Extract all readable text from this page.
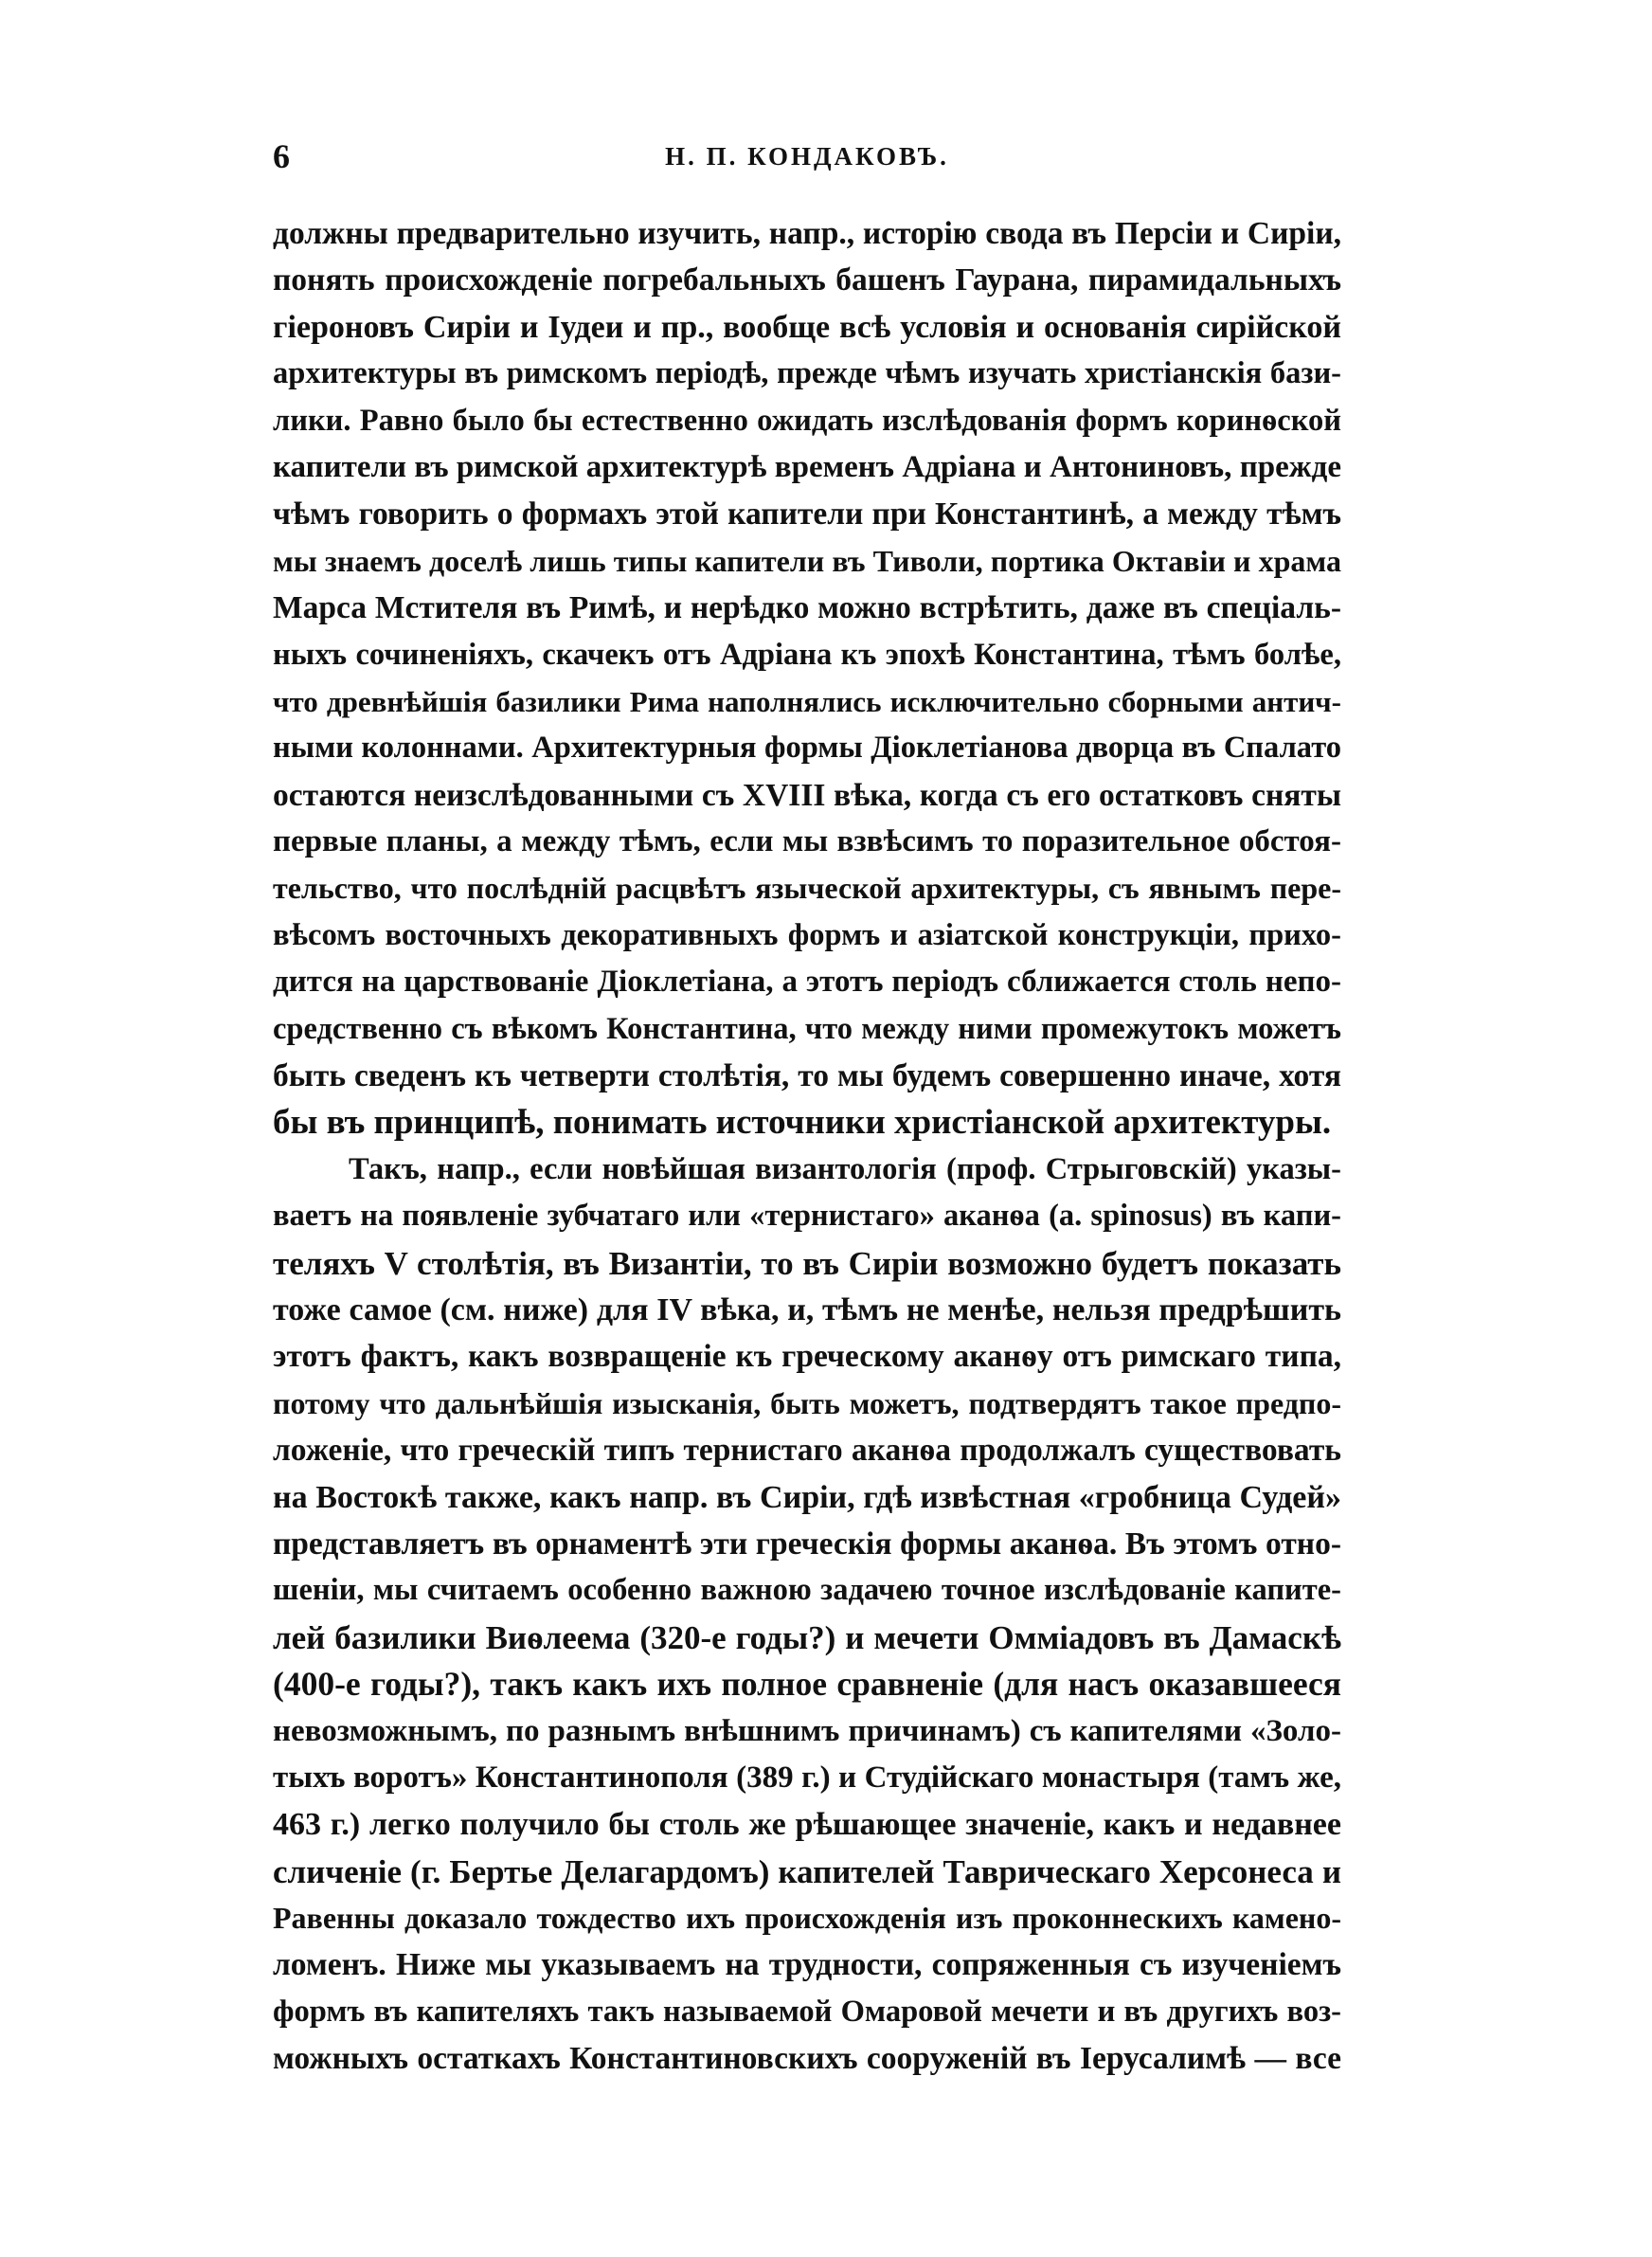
6	Н. П. КОНДАКОВЪ.
должны предварительно изучить, напр., исторію свода въ Персіи и Сиріи,
понять происхожденіе погребальныхъ башенъ Гаурана, пирамидальныхъ
гіероновъ Сиріи и Іудеи и пр., вообще всѣ условія и основанія сирійской
архитектуры въ римскомъ періодѣ, прежде чѣмъ изучать христіанскія бази-
лики. Равно было бы естественно ожидать изслѣдованія формъ коринѳской
капители въ римской архитектурѣ временъ Адріана и Антониновъ, прежде
чѣмъ говорить о формахъ этой капители при Константинѣ, а между тѣмъ
мы знаемъ доселѣ лишь типы капители въ Тиволи, портика Октавіи и храма
Марса Мстителя въ Римѣ, и нерѣдко можно встрѣтить, даже въ спеціаль-
ныхъ сочиненіяхъ, скачекъ отъ Адріана къ эпохѣ Константина, тѣмъ болѣе,
что древнѣйшія базилики Рима наполнялись исключительно сборными антич-
ными колоннами. Архитектурныя формы Діоклетіанова дворца въ Спалато
остаются неизслѣдованными съ XVIII вѣка, когда съ его остатковъ сняты
первые планы, а между тѣмъ, если мы взвѣсимъ то поразительное обстоя-
тельство, что послѣдній расцвѣтъ языческой архитектуры, съ явнымъ пере-
вѣсомъ восточныхъ декоративныхъ формъ и азіатской конструкціи, прихо-
дится на царствованіе Діоклетіана, а этотъ періодъ сближается столь непо-
средственно съ вѣкомъ Константина, что между ними промежутокъ можетъ
быть сведенъ къ четверти столѣтія, то мы будемъ совершенно иначе, хотя
бы въ принципѣ, понимать источники христіанской архитектуры.
Такъ, напр., если новѣйшая византологія (проф. Стрыговскій) указы-
ваетъ на появленіе зубчатаго или «тернистаго» аканѳа (а. spinosus) въ капи-
теляхъ V столѣтія, въ Византіи, то въ Сиріи возможно будетъ показать
тоже самое (см. ниже) для IV вѣка, и, тѣмъ не менѣе, нельзя предрѣшить
этотъ фактъ, какъ возвращеніе къ греческому аканѳу отъ римскаго типа,
потому что дальнѣйшія изысканія, быть можетъ, подтвердятъ такое предпо-
ложеніе, что греческій типъ тернистаго аканѳа продолжалъ существовать
на Востокѣ также, какъ напр. въ Сиріи, гдѣ извѣстная «гробница Судей»
представляетъ въ орнаментѣ эти греческія формы аканѳа. Въ этомъ отно-
шеніи, мы считаемъ особенно важною задачею точное изслѣдованіе капите-
лей базилики Виѳлеема (320-е годы?) и мечети Оммiадовъ въ Дамаскѣ
(400-е годы?), такъ какъ ихъ полное сравненіе (для насъ оказавшееся
невозможнымъ, по разнымъ внѣшнимъ причинамъ) съ капителями «Золо-
тыхъ воротъ» Константинополя (389 г.) и Студійскаго монастыря (тамъ же,
463 г.) легко получило бы столь же рѣшающее значеніе, какъ и недавнее
сличеніе (г. Бертье Делагардомъ) капителей Таврическаго Херсонеса и
Равенны доказало тождество ихъ происхожденія изъ проконнескихъ камено-
ломенъ. Ниже мы указываемъ на трудности, сопряженныя съ изученіемъ
формъ въ капителяхъ такъ называемой Омаровой мечети и въ другихъ воз-
можныхъ остаткахъ Константиновскихъ сооруженій въ Іерусалимѣ — все
